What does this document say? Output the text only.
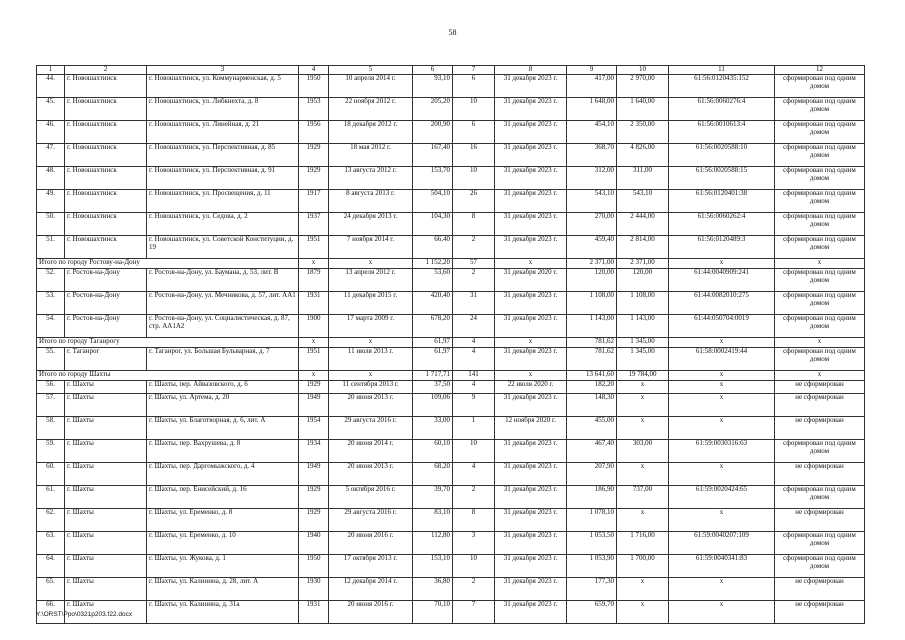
58
1	2	3	4	5	6	7	8	9	10	11	12
44.	г. Новошахтинск	г. Новошахтинск, ул. Коммунарменская, д. 5	1950	10 апреля 2014 г.	93,10	6	31 декабря 2023 г.	417,00	2 970,00	61:56:0120435:152	сформирован под одним домом
45.	г. Новошахтинск	г. Новошахтинск, ул. Либкнехта, д. 8	1953	22 ноября 2012 г.	205,20	10	31 декабря 2023 г.	1 648,00	1 640,00	61:56:0060276:4	сформирован под одним домом
46.	г. Новошахтинск	г. Новошахтинск, ул. Линейная, д. 21	1956	18 декабря 2012 г.	200,90	6	31 декабря 2023 г.	454,10	2 350,00	61:56:0010613:4	сформирован под одним домом
47.	г. Новошахтинск	г. Новошахтинск, ул. Перспективная, д. 85	1929	18 мая 2012 г.	167,40	16	31 декабря 2023 г.	368,70	4 826,00	61:56:0020588:10	сформирован под одним домом
48.	г. Новошахтинск	г. Новошахтинск, ул. Перспективная, д. 91	1929	13 августа 2012 г.	153,70	10	31 декабря 2023 г.	312,00	311,00	61:56:0020588:15	сформирован под одним домом
49.	г. Новошахтинск	г. Новошахтинск, ул. Просвещения, д. 11	1917	8 августа 2013 г.	504,10	26	31 декабря 2023 г.	543,10	543,10	61:56:0120401:38	сформирован под одним домом
50.	г. Новошахтинск	г. Новошахтинск, ул. Седова, д. 2	1937	24 декабря 2013 г.	104,30	8	31 декабря 2023 г.	270,00	2 444,00	61:56:0060262:4	сформирован под одним домом
51.	г. Новошахтинск	г. Новошахтинск, ул. Советской Конституции, д. 19	1951	7 ноября 2014 г.	66,40	2	31 декабря 2023 г.	459,40	2 814,00	61:56:0120489:3	сформирован под одним домом
Итого по городу Ростову-на-Дону			x	x	1 152,20	57	x	2 371,00	2 371,00	x	x
52.	г. Ростов-на-Дону	г. Ростов-на-Дону, ул. Баумана, д. 53, лит. В	1879	13 апреля 2012 г.	53,60	2	31 декабря 2020 г.	120,00	120,00	61:44:0040909:241	сформирован под одним домом
53.	г. Ростов-на-Дону	г. Ростов-на-Дону, ул. Мечникова, д. 57, лит. АА1	1931	11 декабря 2015 г.	420,40	31	31 декабря 2023 г.	1 108,00	1 108,00	61:44:0082010:275	сформирован под одним домом
54.	г. Ростов-на-Дону	г. Ростов-на-Дону, ул. Социалистическая, д. 87, стр. АА1А2	1900	17 марта 2009 г.	678,20	24	31 декабря 2023 г.	1 143,00	1 143,00	61:44:050704:0019	сформирован под одним домом
Итого по городу Таганрогу			x	x	61,97	4	x	781,62	1 345,00	x	x
55.	г. Таганрог	г. Таганрог, ул. Большая Бульварная, д. 7	1951	11 июля 2013 г.	61,97	4	31 декабря 2023 г.	781,62	1 345,00	61:58:0002419:44	сформирован под одним домом
Итого по городу Шахты			x	x	1 717,71	141	x	13 641,60	19 784,00	x	x
56.	г. Шахты	г. Шахты, пер. Айвазовского, д. 6	1929	11 сентября 2013 г.	37,50	4	22 июля 2020 г.	182,20	x	x	не сформирован
57.	г. Шахты	г. Шахты, ул. Артема, д. 20	1949	20 июня 2013 г.	109,06	9	31 декабря 2023 г.	148,30	x	x	не сформирован
58.	г. Шахты	г. Шахты, ул. Благотворная, д. 6, лит. А	1954	29 августа 2016 г.	33,00	1	12 ноября 2020 г.	455,00	x	x	не сформирован
59.	г. Шахты	г. Шахты, пер. Вахрушева, д. 8	1934	20 июня 2014 г.	60,10	10	31 декабря 2023 г.	467,40	303,00	61:59:0030316:63	сформирован под одним домом
60.	г. Шахты	г. Шахты, пер. Даргомыжского, д. 4	1949	20 июня 2013 г.	68,20	4	31 декабря 2023 г.	207,90	x	x	не сформирован
61.	г. Шахты	г. Шахты, пер. Енисейский, д. 16	1929	5 октября 2016 г.	39,70	2	31 декабря 2023 г.	186,90	737,00	61:59:0020424:65	сформирован под одним домом
62.	г. Шахты	г. Шахты, ул. Еременко, д. 8	1929	29 августа 2016 г.	83,10	8	31 декабря 2023 г.	1 078,10	x	x	не сформирован
63.	г. Шахты	г. Шахты, ул. Еременко, д. 10	1940	20 июня 2016 г.	112,80	3	31 декабря 2023 г.	1 053,50	1 716,00	61:59:0040207:109	сформирован под одним домом
64.	г. Шахты	г. Шахты, ул. Жукова, д. 1	1950	17 октября 2013 г.	153,10	10	31 декабря 2023 г.	1 053,90	1 700,00	61:59:0040341:83	сформирован под одним домом
65.	г. Шахты	г. Шахты, ул. Калинина, д. 28, лит. А	1930	12 декабря 2014 г.	36,80	2	31 декабря 2023 г.	177,30	x	x	не сформирован
66.	г. Шахты	г. Шахты, ул. Калинина, д. 31а	1931	20 июня 2016 г.	70,10	7	31 декабря 2023 г.	659,70	x	x	не сформирован
Y:\ORST\Ppo\0321p203.f22.docx
